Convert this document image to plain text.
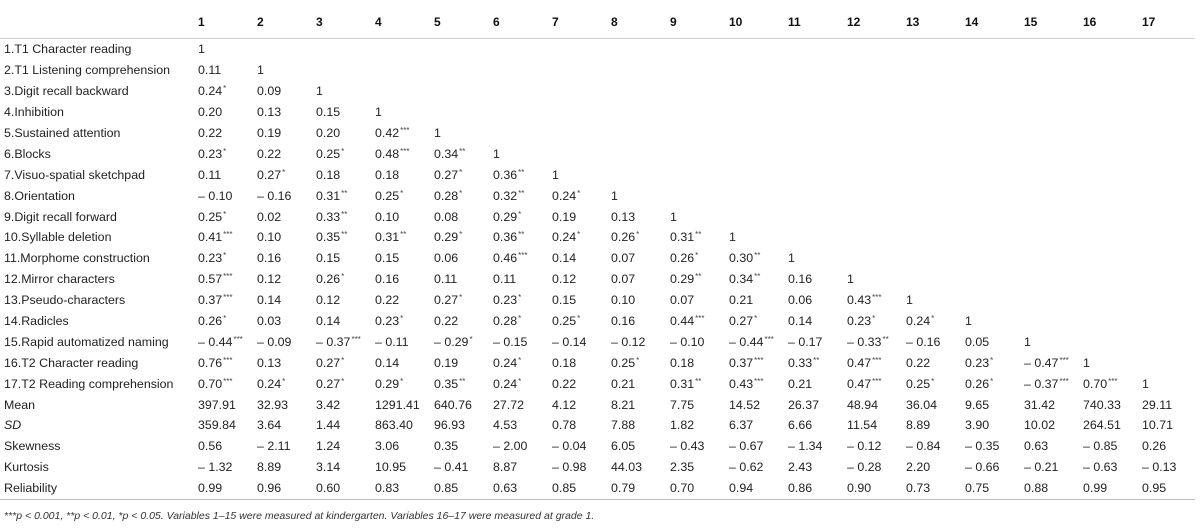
	1	2	3	4	5	6	7	8	9	10	11	12	13	14	15	16	17
1.T1 Character reading	1																
2.T1 Listening comprehension	0.11	1															
3.Digit recall backward	0.24*	0.09	1														
4.Inhibition	0.20	0.13	0.15	1													
5.Sustained attention	0.22	0.19	0.20	0.42***	1												
6.Blocks	0.23*	0.22	0.25*	0.48***	0.34**	1											
7.Visuo-spatial sketchpad	0.11	0.27*	0.18	0.18	0.27*	0.36**	1										
8.Orientation	– 0.10	– 0.16	0.31**	0.25*	0.28*	0.32**	0.24*	1									
9.Digit recall forward	0.25*	0.02	0.33**	0.10	0.08	0.29*	0.19	0.13	1								
10.Syllable deletion	0.41***	0.10	0.35**	0.31**	0.29*	0.36**	0.24*	0.26*	0.31**	1							
11.Morphome construction	0.23*	0.16	0.15	0.15	0.06	0.46***	0.14	0.07	0.26*	0.30**	1						
12.Mirror characters	0.57***	0.12	0.26*	0.16	0.11	0.11	0.12	0.07	0.29**	0.34**	0.16	1					
13.Pseudo-characters	0.37***	0.14	0.12	0.22	0.27*	0.23*	0.15	0.10	0.07	0.21	0.06	0.43***	1				
14.Radicles	0.26*	0.03	0.14	0.23*	0.22	0.28*	0.25*	0.16	0.44***	0.27*	0.14	0.23*	0.24*	1			
15.Rapid automatized naming	– 0.44***	– 0.09	– 0.37***	– 0.11	– 0.29*	– 0.15	– 0.14	– 0.12	– 0.10	– 0.44***	– 0.17	– 0.33**	– 0.16	0.05	1		
16.T2 Character reading	0.76***	0.13	0.27*	0.14	0.19	0.24*	0.18	0.25*	0.18	0.37***	0.33**	0.47***	0.22	0.23*	– 0.47***	1	
17.T2 Reading comprehension	0.70***	0.24*	0.27*	0.29*	0.35**	0.24*	0.22	0.21	0.31**	0.43***	0.21	0.47***	0.25*	0.26*	– 0.37***	0.70***	1
Mean	397.91	32.93	3.42	1291.41	640.76	27.72	4.12	8.21	7.75	14.52	26.37	48.94	36.04	9.65	31.42	740.33	29.11
SD	359.84	3.64	1.44	863.40	96.93	4.53	0.78	7.88	1.82	6.37	6.66	11.54	8.89	3.90	10.02	264.51	10.71
Skewness	0.56	– 2.11	1.24	3.06	0.35	– 2.00	– 0.04	6.05	– 0.43	– 0.67	– 1.34	– 0.12	– 0.84	– 0.35	0.63	– 0.85	0.26
Kurtosis	– 1.32	8.89	3.14	10.95	– 0.41	8.87	– 0.98	44.03	2.35	– 0.62	2.43	– 0.28	2.20	– 0.66	– 0.21	– 0.63	– 0.13
Reliability	0.99	0.96	0.60	0.83	0.85	0.63	0.85	0.79	0.70	0.94	0.86	0.90	0.73	0.75	0.88	0.99	0.95
***p < 0.001, **p < 0.01, *p < 0.05. Variables 1–15 were measured at kindergarten. Variables 16–17 were measured at grade 1.
